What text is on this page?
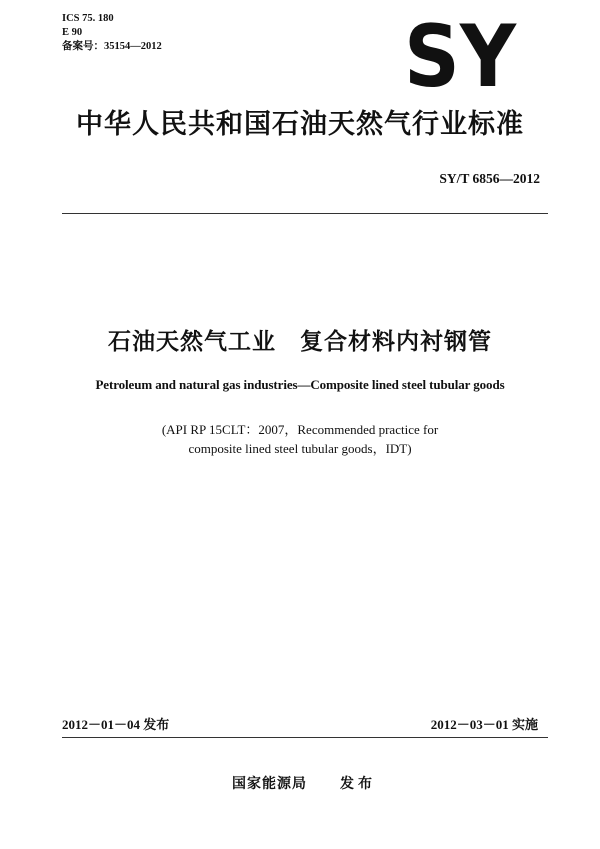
ICS 75. 180
E 90
备案号：35154—2012	SY
中华人民共和国石油天然气行业标准
SY/T 6856—2012
石油天然气工业　复合材料内衬钢管
Petroleum and natural gas industries—Composite lined steel tubular goods
(API RP 15CLT：2007，Recommended practice for
composite lined steel tubular goods，IDT)
2012－01－04 发布	2012－03－01 实施
国家能源局 发布
